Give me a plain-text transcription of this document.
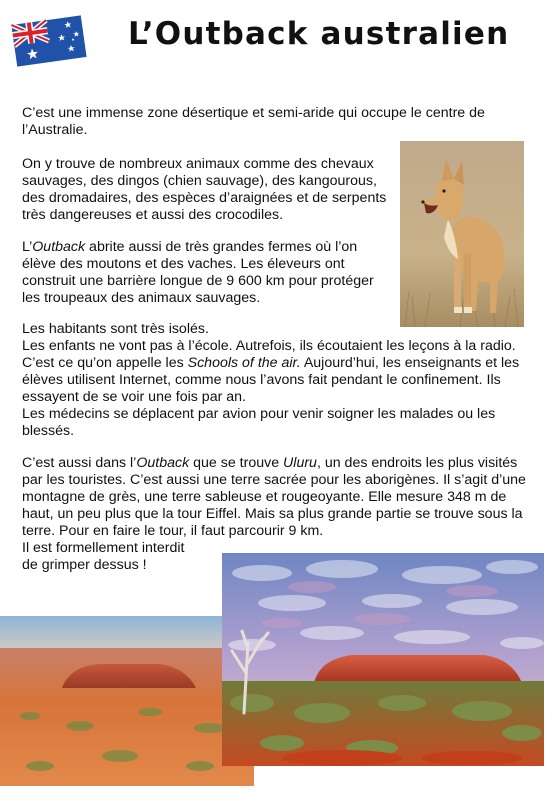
L’Outback australien

C’est une immense zone désertique et semi-aride qui occupe le centre de l’Australie.

On y trouve de nombreux animaux comme des chevaux sauvages, des dingos (chien sauvage), des kangourous, des dromadaires, des espèces d’araignées et de serpents très dangereuses et aussi des crocodiles.

L’Outback abrite aussi de très grandes fermes où l’on élève des moutons et des vaches. Les éleveurs ont construit une barrière longue de 9 600 km pour protéger les troupeaux des animaux sauvages.

Les habitants sont très isolés.
Les enfants ne vont pas à l’école. Autrefois, ils écoutaient les leçons à la radio. C’est ce qu’on appelle les Schools of the air. Aujourd’hui, les enseignants et les élèves utilisent Internet, comme nous l’avons fait pendant le confinement. Ils essayent de se voir une fois par an.
Les médecins se déplacent par avion pour venir soigner les malades ou les blessés.

C’est aussi dans l’Outback que se trouve Uluru, un des endroits les plus visités par les touristes. C’est aussi une terre sacrée pour les aborigènes. Il s’agit d’une montagne de grès, une terre sableuse et rougeoyante. Elle mesure 348 m de haut, un peu plus que la tour Eiffel. Mais sa plus grande partie se trouve sous la terre. Pour en faire le tour, il faut parcourir 9 km.
Il est formellement interdit
de grimper dessus !
